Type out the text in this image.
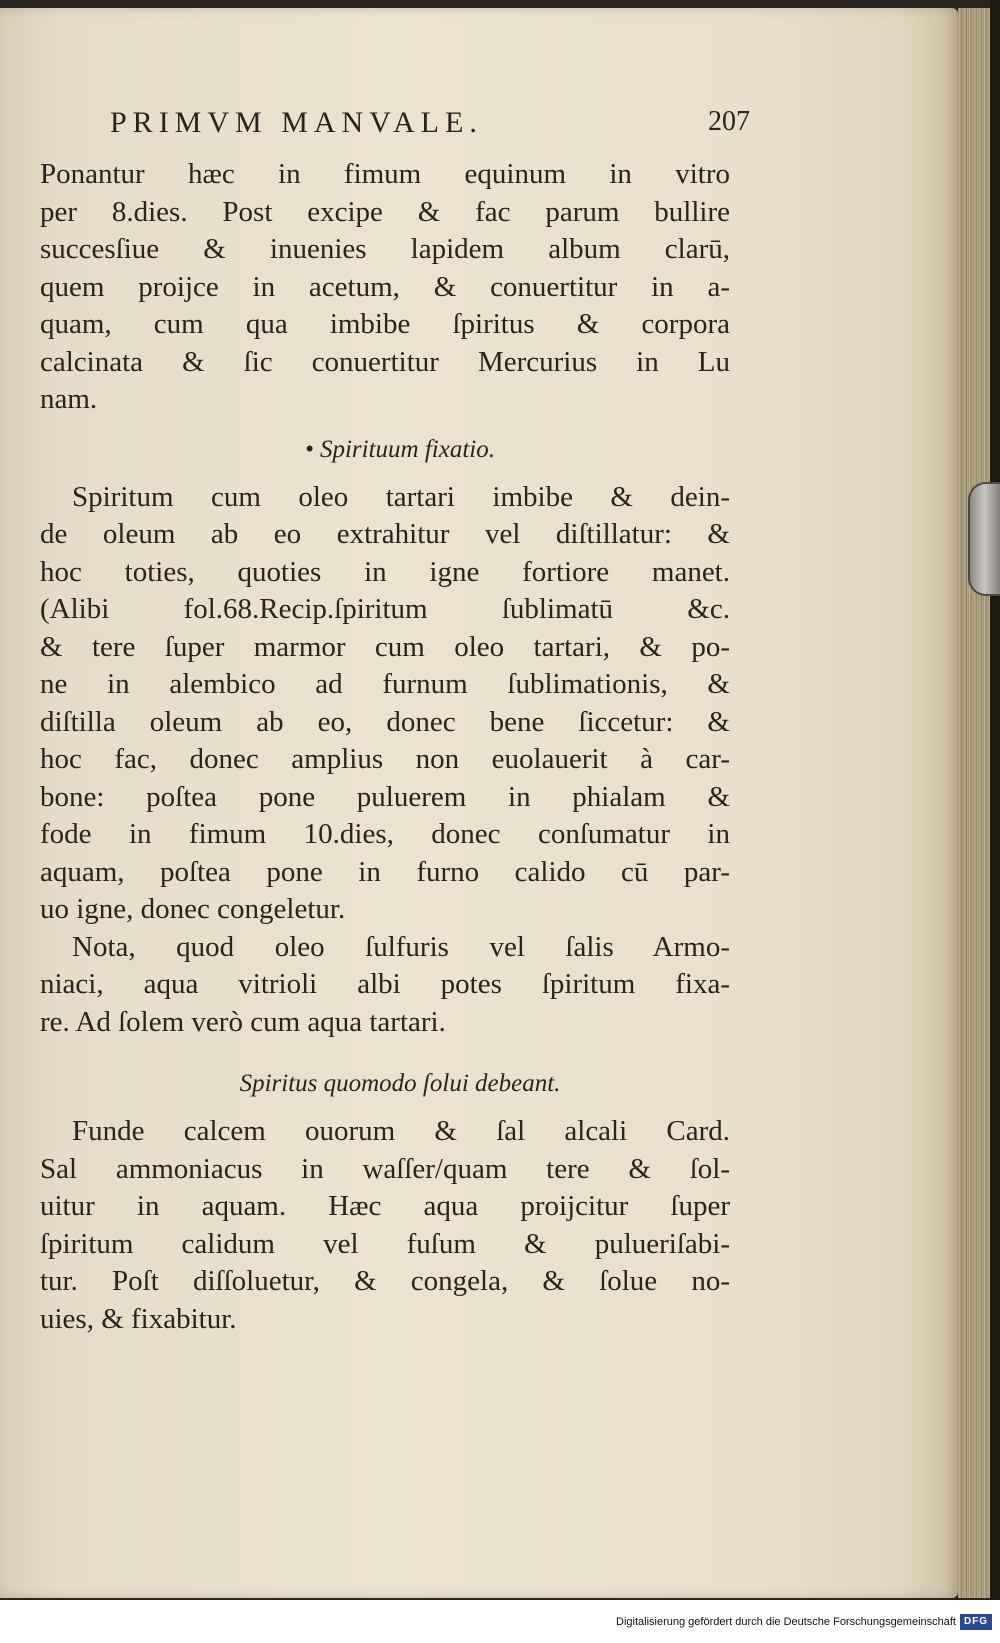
PRIMVM MANVALE.	207
Ponantur hæc in fimum equinum in vitro
per 8.dies. Post excipe & fac parum bullire
succesſiue & inuenies lapidem album clarū,
quem proijce in acetum, & conuertitur in a-
quam, cum qua imbibe ſpiritus & corpora
calcinata & ſic conuertitur Mercurius in Lu
nam.
• Spirituum fixatio.
Spiritum cum oleo tartari imbibe & dein-
de oleum ab eo extrahitur vel diſtillatur: &
hoc toties, quoties in igne fortiore manet.
(Alibi fol.68.Recip.ſpiritum ſublimatū &c.
& tere ſuper marmor cum oleo tartari, & po-
ne in alembico ad furnum ſublimationis, &
diſtilla oleum ab eo, donec bene ſiccetur: &
hoc fac, donec amplius non euolauerit à car-
bone: poſtea pone puluerem in phialam &
fode in fimum 10.dies, donec conſumatur in
aquam, poſtea pone in furno calido cū par-
uo igne, donec congeletur.
Nota, quod oleo ſulfuris vel ſalis Armo-
niaci, aqua vitrioli albi potes ſpiritum fixa-
re. Ad ſolem verò cum aqua tartari.
Spiritus quomodo ſolui debeant.
Funde calcem ouorum & ſal alcali Card.
Sal ammoniacus in waſſer/quam tere & ſol-
uitur in aquam. Hæc aqua proijcitur ſuper
ſpiritum calidum vel fuſum & pulueriſabi-
tur. Poſt diſſoluetur, & congela, & ſolue no-
uies, & fixabitur.
Digitalisierung gefördert durch die Deutsche Forschungsgemeinschaft DFG
